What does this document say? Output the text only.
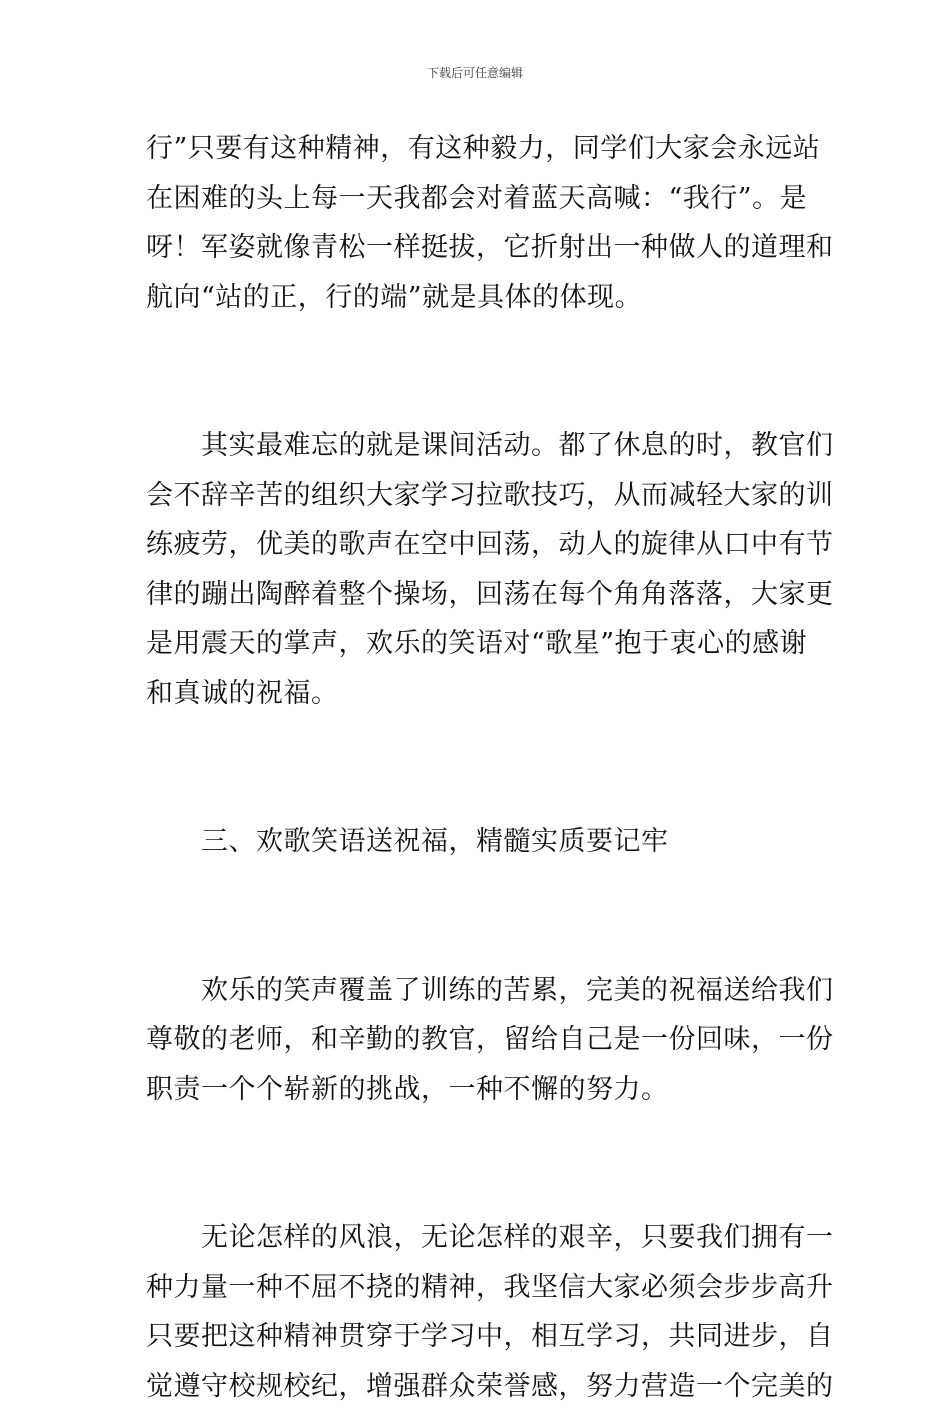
下载后可任意编辑
行”只要有这种精神，有这种毅力，同学们大家会永远站
在困难的头上每一天我都会对着蓝天高喊：“我行”。是
呀！军姿就像青松一样挺拔，它折射出一种做人的道理和
航向“站的正，行的端”就是具体的体现。
　　其实最难忘的就是课间活动。都了休息的时，教官们
会不辞辛苦的组织大家学习拉歌技巧，从而减轻大家的训
练疲劳，优美的歌声在空中回荡，动人的旋律从口中有节
律的蹦出陶醉着整个操场，回荡在每个角角落落，大家更
是用震天的掌声，欢乐的笑语对“歌星”抱于衷心的感谢
和真诚的祝福。
　　三、欢歌笑语送祝福，精髓实质要记牢
　　欢乐的笑声覆盖了训练的苦累，完美的祝福送给我们
尊敬的老师，和辛勤的教官，留给自己是一份回味，一份
职责一个个崭新的挑战，一种不懈的努力。
　　无论怎样的风浪，无论怎样的艰辛，只要我们拥有一
种力量一种不屈不挠的精神，我坚信大家必须会步步高升
只要把这种精神贯穿于学习中，相互学习，共同进步，自
觉遵守校规校纪，增强群众荣誉感，努力营造一个完美的
